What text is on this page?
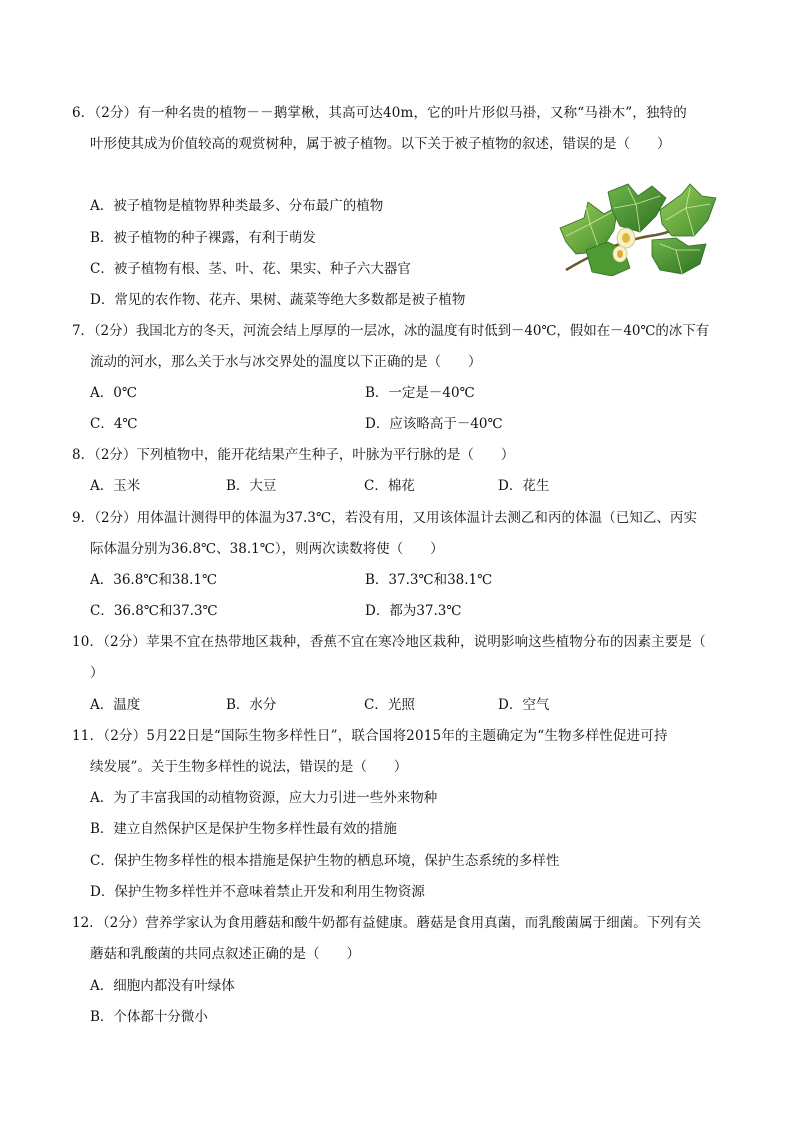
6．（2分）有一种名贵的植物－－鹅掌楸，其高可达40m，它的叶片形似马褂，又称“马褂木”，独特的
叶形使其成为价值较高的观赏树种，属于被子植物。以下关于被子植物的叙述，错误的是（　　）
A．被子植物是植物界种类最多、分布最广的植物
B．被子植物的种子裸露，有利于萌发
C．被子植物有根、茎、叶、花、果实、种子六大器官
D．常见的农作物、花卉、果树、蔬菜等绝大多数都是被子植物
7．（2分）我国北方的冬天，河流会结上厚厚的一层冰，冰的温度有时低到－40℃，假如在－40℃的冰下有
流动的河水，那么关于水与冰交界处的温度以下正确的是（　　）
A．0℃	B．一定是－40℃
C．4℃	D．应该略高于－40℃
8．（2分）下列植物中，能开花结果产生种子，叶脉为平行脉的是（　　）
A．玉米	B．大豆	C．棉花	D．花生
9．（2分）用体温计测得甲的体温为37.3℃，若没有用，又用该体温计去测乙和丙的体温（已知乙、丙实
际体温分别为36.8℃、38.1℃），则两次读数将使（　　）
A．36.8℃和38.1℃	B．37.3℃和38.1℃
C．36.8℃和37.3℃	D．都为37.3℃
10．（2分）苹果不宜在热带地区栽种，香蕉不宜在寒冷地区栽种，说明影响这些植物分布的因素主要是（
）
A．温度	B．水分	C．光照	D．空气
11．（2分）5月22日是“国际生物多样性日”，联合国将2015年的主题确定为“生物多样性促进可持
续发展”。关于生物多样性的说法，错误的是（　　）
A．为了丰富我国的动植物资源，应大力引进一些外来物种
B．建立自然保护区是保护生物多样性最有效的措施
C．保护生物多样性的根本措施是保护生物的栖息环境，保护生态系统的多样性
D．保护生物多样性并不意味着禁止开发和利用生物资源
12．（2分）营养学家认为食用蘑菇和酸牛奶都有益健康。蘑菇是食用真菌，而乳酸菌属于细菌。下列有关
蘑菇和乳酸菌的共同点叙述正确的是（　　）
A．细胞内都没有叶绿体
B．个体都十分微小
